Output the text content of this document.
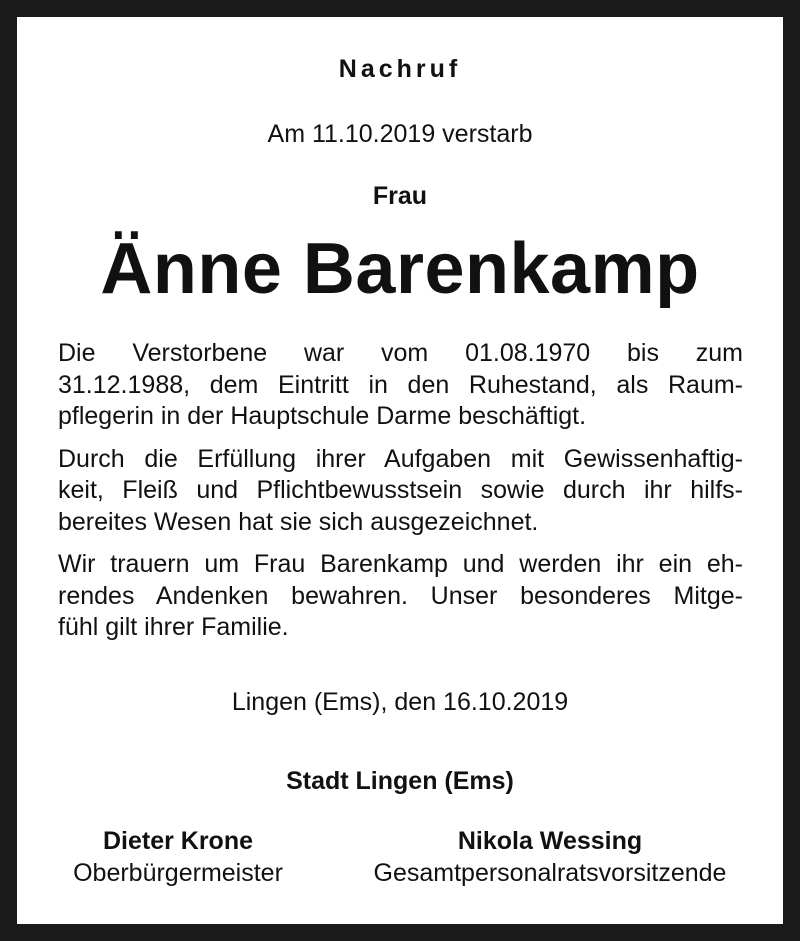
Nachruf
Am 11.10.2019 verstarb
Frau
Änne Barenkamp
Die Verstorbene war vom 01.08.1970 bis zum
31.12.1988, dem Eintritt in den Ruhestand, als Raum-
pflegerin in der Hauptschule Darme beschäftigt.
Durch die Erfüllung ihrer Aufgaben mit Gewissenhaftig-
keit, Fleiß und Pflichtbewusstsein sowie durch ihr hilfs-
bereites Wesen hat sie sich ausgezeichnet.
Wir trauern um Frau Barenkamp und werden ihr ein eh-
rendes Andenken bewahren. Unser besonderes Mitge-
fühl gilt ihrer Familie.
Lingen (Ems), den 16.10.2019
Stadt Lingen (Ems)
Dieter Krone
Oberbürgermeister
Nikola Wessing
Gesamtpersonalratsvorsitzende
